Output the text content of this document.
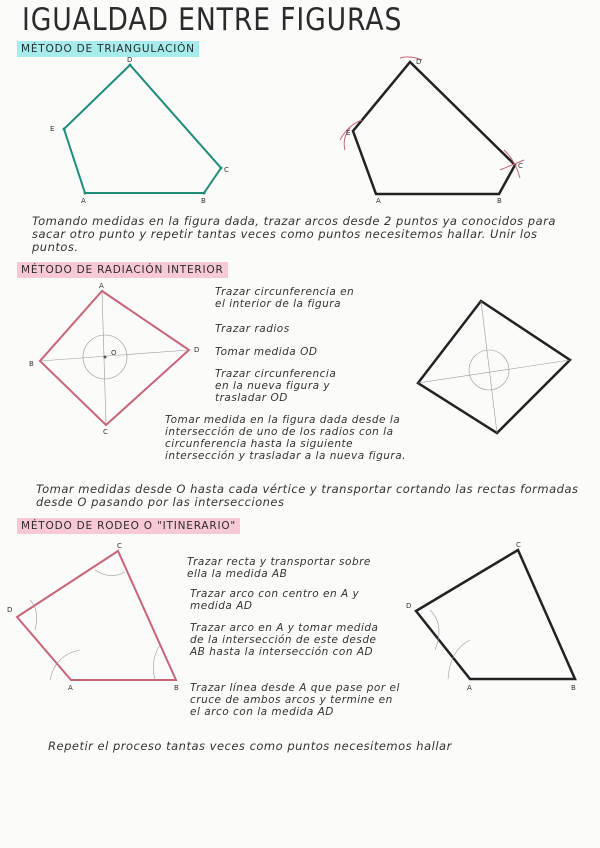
IGUALDAD ENTRE FIGURAS
MÉTODO DE TRIANGULACIÓN
MÉTODO DE RADIACIÓN INTERIOR
MÉTODO DE RODEO O "ITINERARIO"
D
E
C
A	B
D
E
C
A	B
A
B
C
D
O
C
D
A	B
C
D
A	B
Tomando medidas en la figura dada, trazar arcos desde 2 puntos ya conocidos para sacar otro punto y repetir tantas veces como puntos necesitemos hallar. Unir los puntos.
Trazar circunferencia en el interior de la figura
Trazar radios
Tomar medida OD
Trazar circunferencia en la nueva figura y trasladar OD
Tomar medida en la figura dada desde la intersección de uno de los radios con la circunferencia hasta la siguiente intersección y trasladar a la nueva figura.
Tomar medidas desde O hasta cada vértice y transportar cortando las rectas formadas desde O pasando por las intersecciones
Trazar recta y transportar sobre ella la medida AB
Trazar arco con centro en A y medida AD
Trazar arco en A y tomar medida de la intersección de este desde AB hasta la intersección con AD
Trazar línea desde A que pase por el cruce de ambos arcos y termine en el arco con la medida AD
Repetir el proceso tantas veces como puntos necesitemos hallar
